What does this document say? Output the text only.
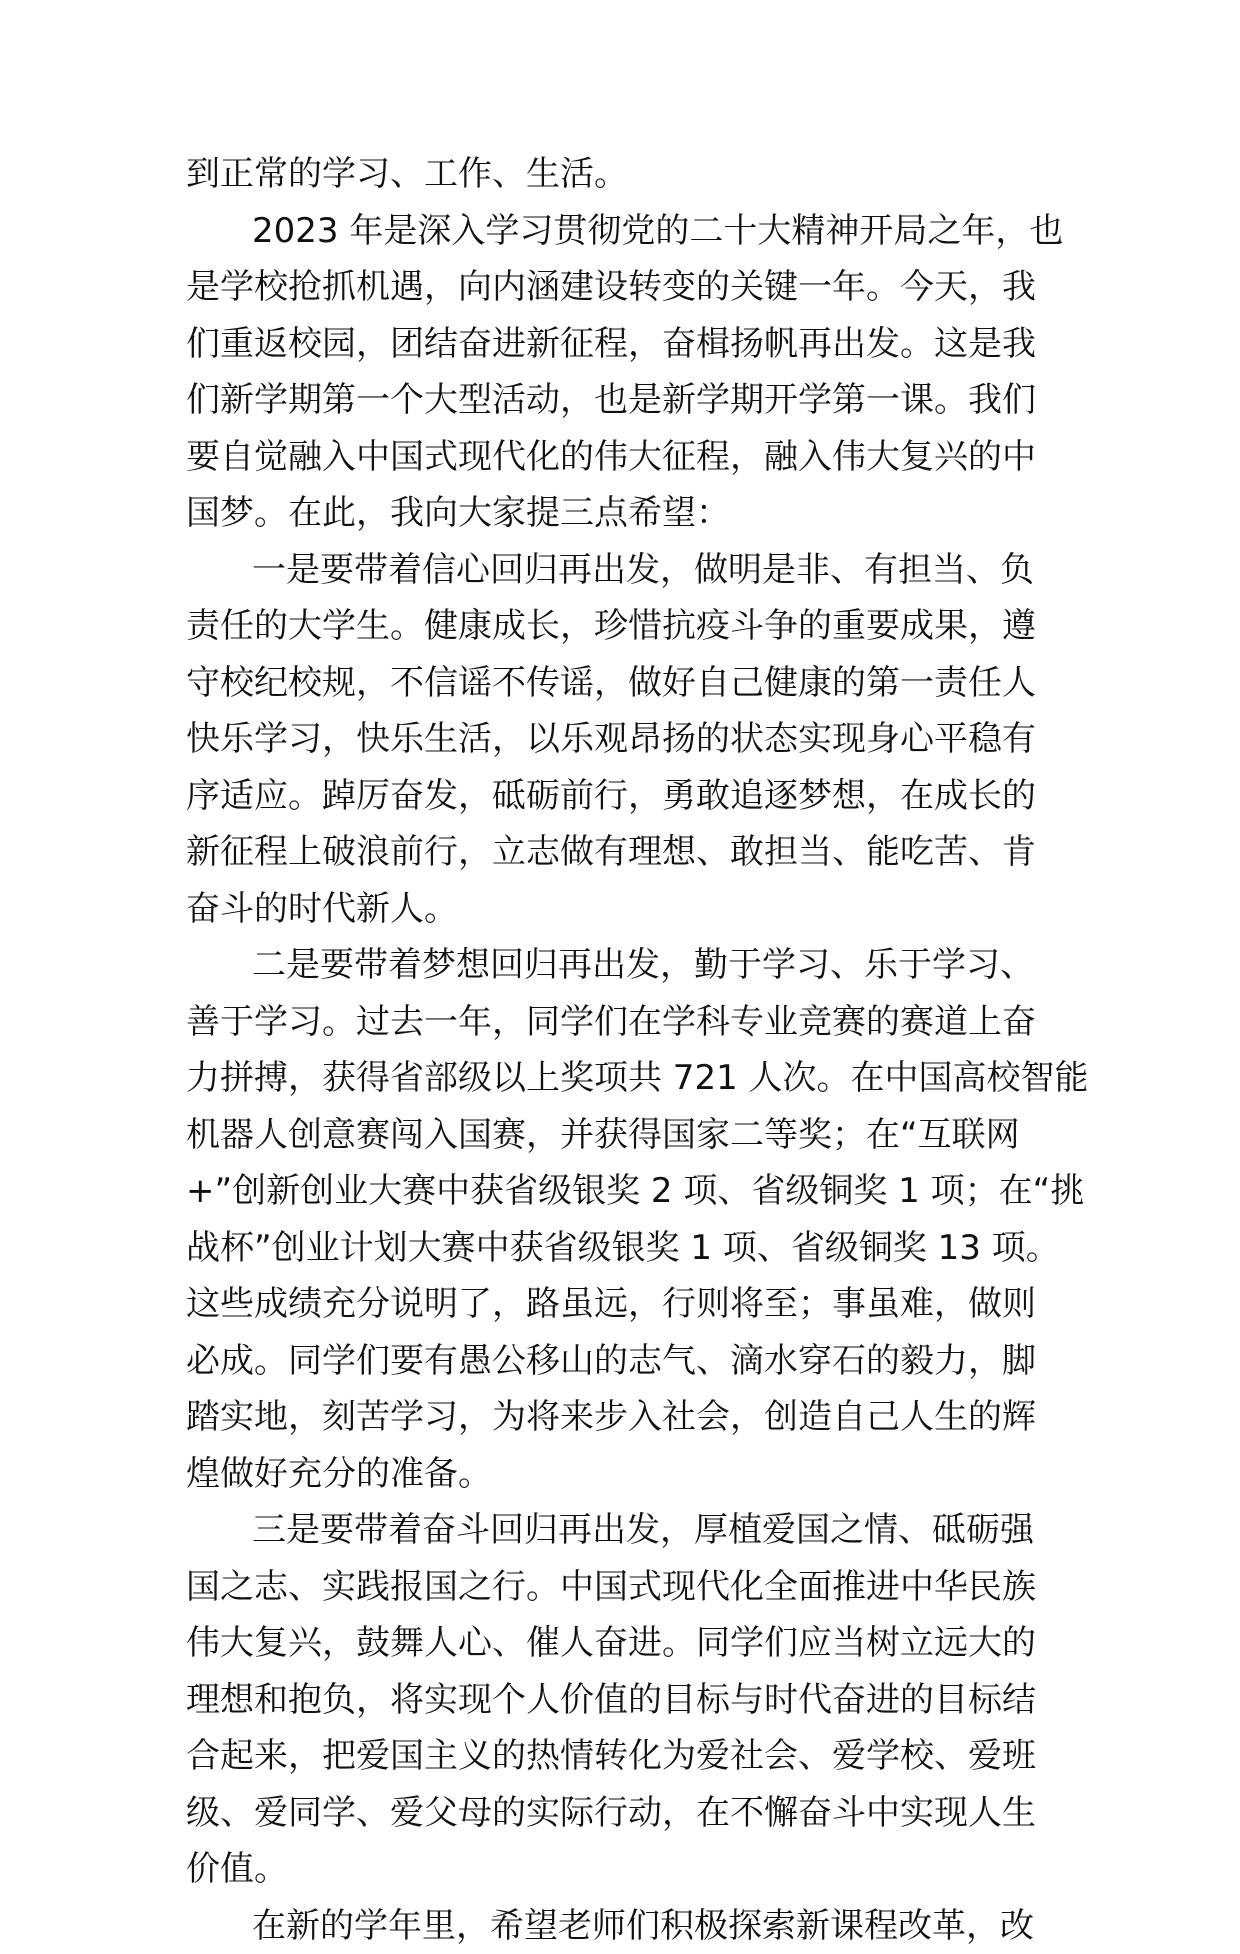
到正常的学习、工作、生活。
2023 年是深入学习贯彻党的二十大精神开局之年，也
是学校抢抓机遇，向内涵建设转变的关键一年。今天，我
们重返校园，团结奋进新征程，奋楫扬帆再出发。这是我
们新学期第一个大型活动，也是新学期开学第一课。我们
要自觉融入中国式现代化的伟大征程，融入伟大复兴的中
国梦。在此，我向大家提三点希望：
一是要带着信心回归再出发，做明是非、有担当、负
责任的大学生。健康成长，珍惜抗疫斗争的重要成果，遵
守校纪校规，不信谣不传谣，做好自己健康的第一责任人
快乐学习，快乐生活，以乐观昂扬的状态实现身心平稳有
序适应。踔厉奋发，砥砺前行，勇敢追逐梦想，在成长的
新征程上破浪前行，立志做有理想、敢担当、能吃苦、肯
奋斗的时代新人。
二是要带着梦想回归再出发，勤于学习、乐于学习、
善于学习。过去一年，同学们在学科专业竞赛的赛道上奋
力拼搏，获得省部级以上奖项共 721 人次。在中国高校智能
机器人创意赛闯入国赛，并获得国家二等奖；在“互联网
+”创新创业大赛中获省级银奖 2 项、省级铜奖 1 项；在“挑
战杯”创业计划大赛中获省级银奖 1 项、省级铜奖 13 项。
这些成绩充分说明了，路虽远，行则将至；事虽难，做则
必成。同学们要有愚公移山的志气、滴水穿石的毅力，脚
踏实地，刻苦学习，为将来步入社会，创造自己人生的辉
煌做好充分的准备。
三是要带着奋斗回归再出发，厚植爱国之情、砥砺强
国之志、实践报国之行。中国式现代化全面推进中华民族
伟大复兴，鼓舞人心、催人奋进。同学们应当树立远大的
理想和抱负，将实现个人价值的目标与时代奋进的目标结
合起来，把爱国主义的热情转化为爱社会、爱学校、爱班
级、爱同学、爱父母的实际行动，在不懈奋斗中实现人生
价值。
在新的学年里，希望老师们积极探索新课程改革，改
